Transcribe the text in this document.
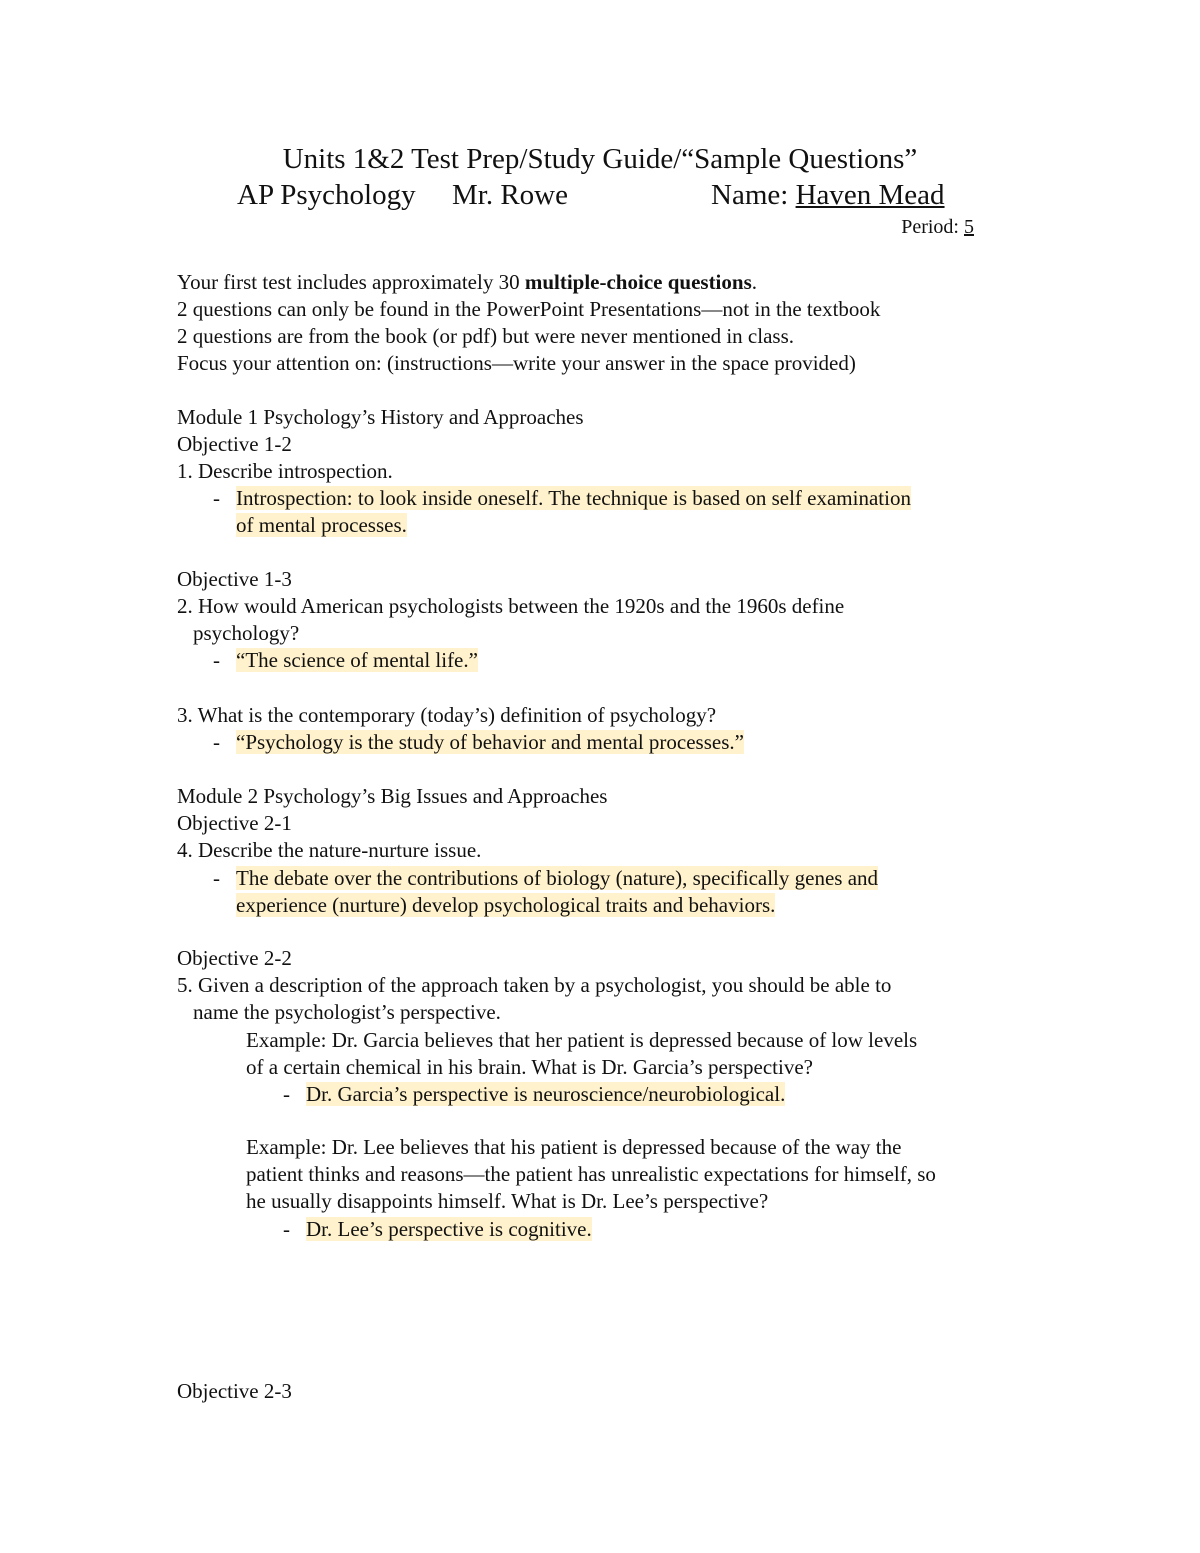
Units 1&2 Test Prep/Study Guide/“Sample Questions”
AP Psychology Mr. Rowe	Name: Haven Mead
Period: 5
Your first test includes approximately 30 multiple-choice questions.
2 questions can only be found in the PowerPoint Presentations—not in the textbook
2 questions are from the book (or pdf) but were never mentioned in class.
Focus your attention on: (instructions—write your answer in the space provided)
Module 1 Psychology’s History and Approaches
Objective 1-2
1. Describe introspection.
- Introspection: to look inside oneself. The technique is based on self examination
of mental processes.
Objective 1-3
2. How would American psychologists between the 1920s and the 1960s define
psychology?
- “The science of mental life.”
3. What is the contemporary (today’s) definition of psychology?
- “Psychology is the study of behavior and mental processes.”
Module 2 Psychology’s Big Issues and Approaches
Objective 2-1
4. Describe the nature-nurture issue.
- The debate over the contributions of biology (nature), specifically genes and
experience (nurture) develop psychological traits and behaviors.
Objective 2-2
5. Given a description of the approach taken by a psychologist, you should be able to
name the psychologist’s perspective.
Example: Dr. Garcia believes that her patient is depressed because of low levels
of a certain chemical in his brain. What is Dr. Garcia’s perspective?
- Dr. Garcia’s perspective is neuroscience/neurobiological.
Example: Dr. Lee believes that his patient is depressed because of the way the
patient thinks and reasons—the patient has unrealistic expectations for himself, so
he usually disappoints himself. What is Dr. Lee’s perspective?
- Dr. Lee’s perspective is cognitive.
Objective 2-3
